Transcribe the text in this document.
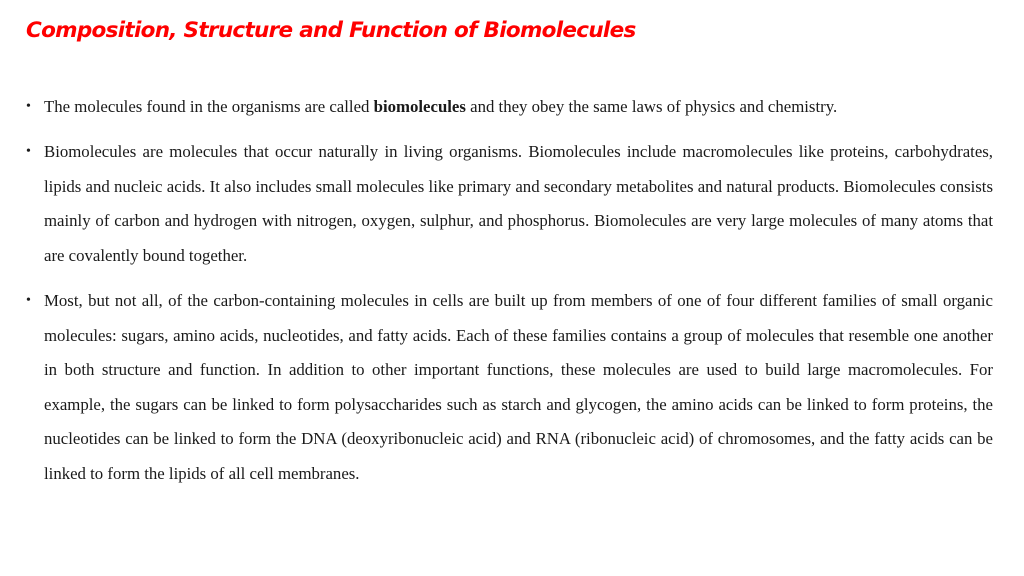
Composition, Structure and Function of Biomolecules
• The molecules found in the organisms are called biomolecules and they obey the same laws of physics and chemistry.
• Biomolecules are molecules that occur naturally in living organisms. Biomolecules include macromolecules like proteins, carbohydrates, lipids and nucleic acids. It also includes small molecules like primary and secondary metabolites and natural products. Biomolecules consists mainly of carbon and hydrogen with nitrogen, oxygen, sulphur, and phosphorus. Biomolecules are very large molecules of many atoms that are covalently bound together.
• Most, but not all, of the carbon-containing molecules in cells are built up from members of one of four different families of small organic molecules: sugars, amino acids, nucleotides, and fatty acids. Each of these families contains a group of molecules that resemble one another in both structure and function. In addition to other important functions, these molecules are used to build large macromolecules. For example, the sugars can be linked to form polysaccharides such as starch and glycogen, the amino acids can be linked to form proteins, the nucleotides can be linked to form the DNA (deoxyribonucleic acid) and RNA (ribonucleic acid) of chromosomes, and the fatty acids can be linked to form the lipids of all cell membranes.
